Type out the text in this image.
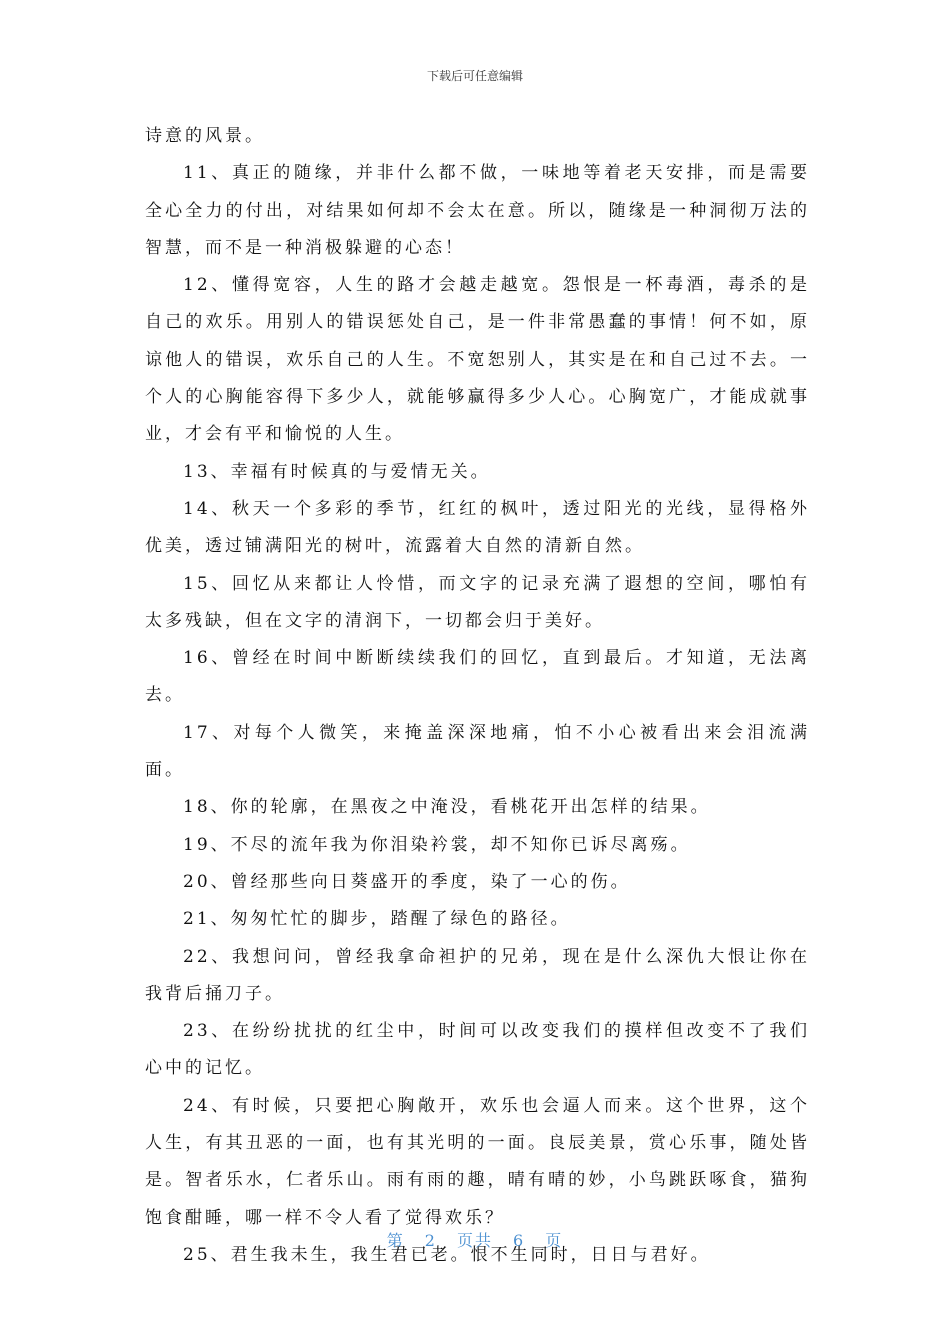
下载后可任意编辑

诗意的风景。

11、真正的随缘，并非什么都不做，一味地等着老天安排，而是需要全心全力的付出，对结果如何却不会太在意。所以，随缘是一种洞彻万法的智慧，而不是一种消极躲避的心态！

12、懂得宽容，人生的路才会越走越宽。怨恨是一杯毒酒，毒杀的是自己的欢乐。用别人的错误惩处自己，是一件非常愚蠢的事情！何不如，原谅他人的错误，欢乐自己的人生。不宽恕别人，其实是在和自己过不去。一个人的心胸能容得下多少人，就能够赢得多少人心。心胸宽广，才能成就事业，才会有平和愉悦的人生。

13、幸福有时候真的与爱情无关。

14、秋天一个多彩的季节，红红的枫叶，透过阳光的光线，显得格外优美，透过铺满阳光的树叶，流露着大自然的清新自然。

15、回忆从来都让人怜惜，而文字的记录充满了遐想的空间，哪怕有太多残缺，但在文字的清润下，一切都会归于美好。

16、曾经在时间中断断续续我们的回忆，直到最后。才知道，无法离去。

17、对每个人微笑，来掩盖深深地痛，怕不小心被看出来会泪流满面。

18、你的轮廓，在黑夜之中淹没，看桃花开出怎样的结果。

19、不尽的流年我为你泪染衿裳，却不知你已诉尽离殇。

20、曾经那些向日葵盛开的季度，染了一心的伤。

21、匆匆忙忙的脚步，踏醒了绿色的路径。

22、我想问问，曾经我拿命袒护的兄弟，现在是什么深仇大恨让你在我背后捅刀子。

23、在纷纷扰扰的红尘中，时间可以改变我们的摸样但改变不了我们心中的记忆。

24、有时候，只要把心胸敞开，欢乐也会逼人而来。这个世界，这个人生，有其丑恶的一面，也有其光明的一面。良辰美景，赏心乐事，随处皆是。智者乐水，仁者乐山。雨有雨的趣，晴有晴的妙，小鸟跳跃啄食，猫狗饱食酣睡，哪一样不令人看了觉得欢乐？

25、君生我未生，我生君已老。恨不生同时，日日与君好。

第 2 页共 6 页
